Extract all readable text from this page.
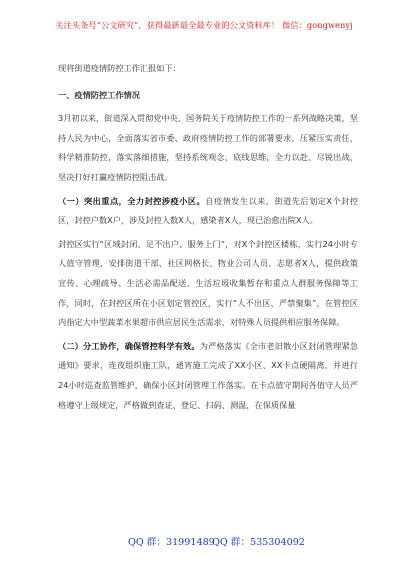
关注头条号“公文研究”，获得最新最全最专业的公文资料库！ 微信：gongwenyj

现将街道疫情防控工作汇报如下：

一、疫情防控工作情况

3月初以来，街道深入贯彻党中央、国务院关于疫情防控工作的一系列战略决策，坚持人民为中心，全面落实省市委、政府疫情防控工作的部署要求，压紧压实责任，科学精准防控，落实落细措施，坚持系统观念、底线思维，全力以赴、尽锐出战，坚决打好打赢疫情防控阻击战。

（一）突出重点，全力封控涉疫小区。自疫情发生以来，街道先后划定X个封控区，封控户数X户，涉及封控人数X人，感染者X人，现已治愈出院X人。

封控区实行“区域封闭、足不出户、服务上门”，对X个封控区楼栋，实行24小时专人值守管理，安排街道干部、社区网格长、物业公司人员、志愿者X人，提供政策宣传、心理疏导、生活必需品配送、生活垃圾收集暂存和重点人群服务保障等工作，同时，在封控区所在小区划定管控区，实行“人不出区、严禁聚集”，在管控区内指定大中型蔬菜水果超市供应居民生活需求，对特殊人员提供相应服务保障。

（二）分工协作，确保管控科学有效。为严格落实《全市老旧散小区封闭管理紧急通知》要求，连夜组织施工队，通宵施工完成了XX小区、XX卡点硬隔离，并进行24小时巡查监管维护，确保小区封闭管理工作落实。在卡点值守期间各值守人员严格遵守上级规定，严格做到查证、登记、扫码、测温，在保质保量

QQ 群：31991489
QQ 群：535304092
